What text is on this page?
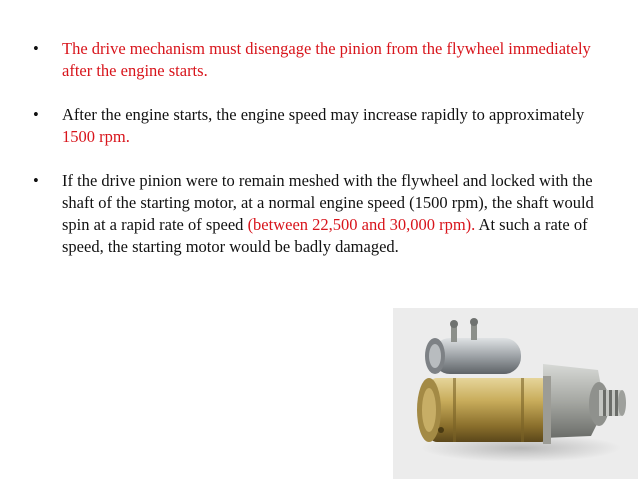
• The drive mechanism must disengage the pinion from the flywheel immediately after the engine starts.
• After the engine starts, the engine speed may increase rapidly to approximately 1500 rpm.
• If the drive pinion were to remain meshed with the flywheel and locked with the shaft of the starting motor, at a normal engine speed (1500 rpm), the shaft would spin at a rapid rate of speed (between 22,500 and 30,000 rpm). At such a rate of speed, the starting motor would be badly damaged.
